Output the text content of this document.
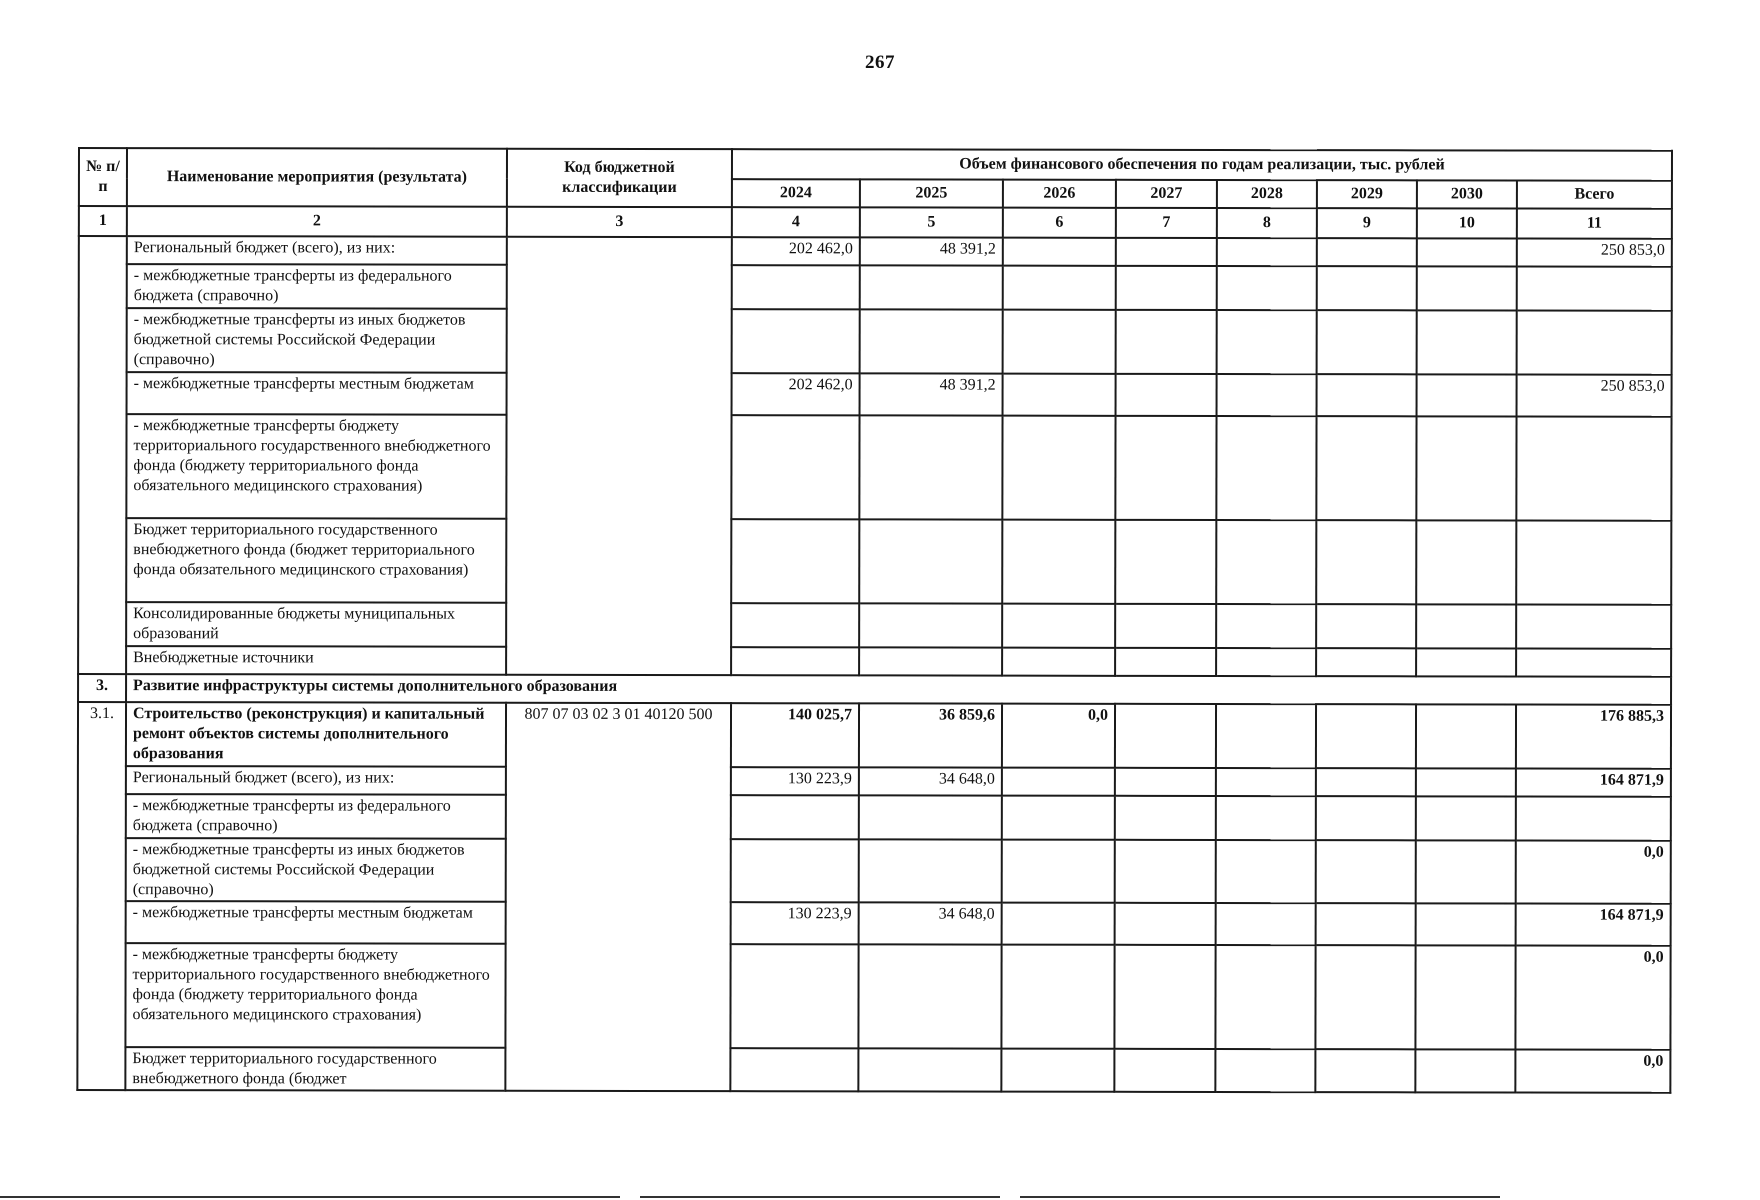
267
№ п/п	Наименование мероприятия (результата)	Код бюджетной классификации	Объем финансового обеспечения по годам реализации, тыс. рублей							
			2024	2025	2026	2027	2028	2029	2030	Всего
1	2	3	4	5	6	7	8	9	10	11
	Региональный бюджет (всего), из них:		202 462,0	48 391,2						250 853,0
	- межбюджетные трансферты из федерального бюджета (справочно)									
	- межбюджетные трансферты из иных бюджетов бюджетной системы Российской Федерации (справочно)									
	- межбюджетные трансферты местным бюджетам		202 462,0	48 391,2						250 853,0
	- межбюджетные трансферты бюджету территориального государственного внебюджетного фонда (бюджету территориального фонда обязательного медицинского страхования)									
	Бюджет территориального государственного внебюджетного фонда (бюджет территориального фонда обязательного медицинского страхования)									
	Консолидированные бюджеты муниципальных образований									
	Внебюджетные источники									
3.	Развитие инфраструктуры системы дополнительного образования									
3.1.	Строительство (реконструкция) и капитальный ремонт объектов системы дополнительного образования	807 07 03 02 3 01 40120 500	140 025,7	36 859,6	0,0					176 885,3
	Региональный бюджет (всего), из них:		130 223,9	34 648,0						164 871,9
	- межбюджетные трансферты из федерального бюджета (справочно)									
	- межбюджетные трансферты из иных бюджетов бюджетной системы Российской Федерации (справочно)									0,0
	- межбюджетные трансферты местным бюджетам		130 223,9	34 648,0						164 871,9
	- межбюджетные трансферты бюджету территориального государственного внебюджетного фонда (бюджету территориального фонда обязательного медицинского страхования)									0,0
	Бюджет территориального государственного внебюджетного фонда (бюджет									0,0
